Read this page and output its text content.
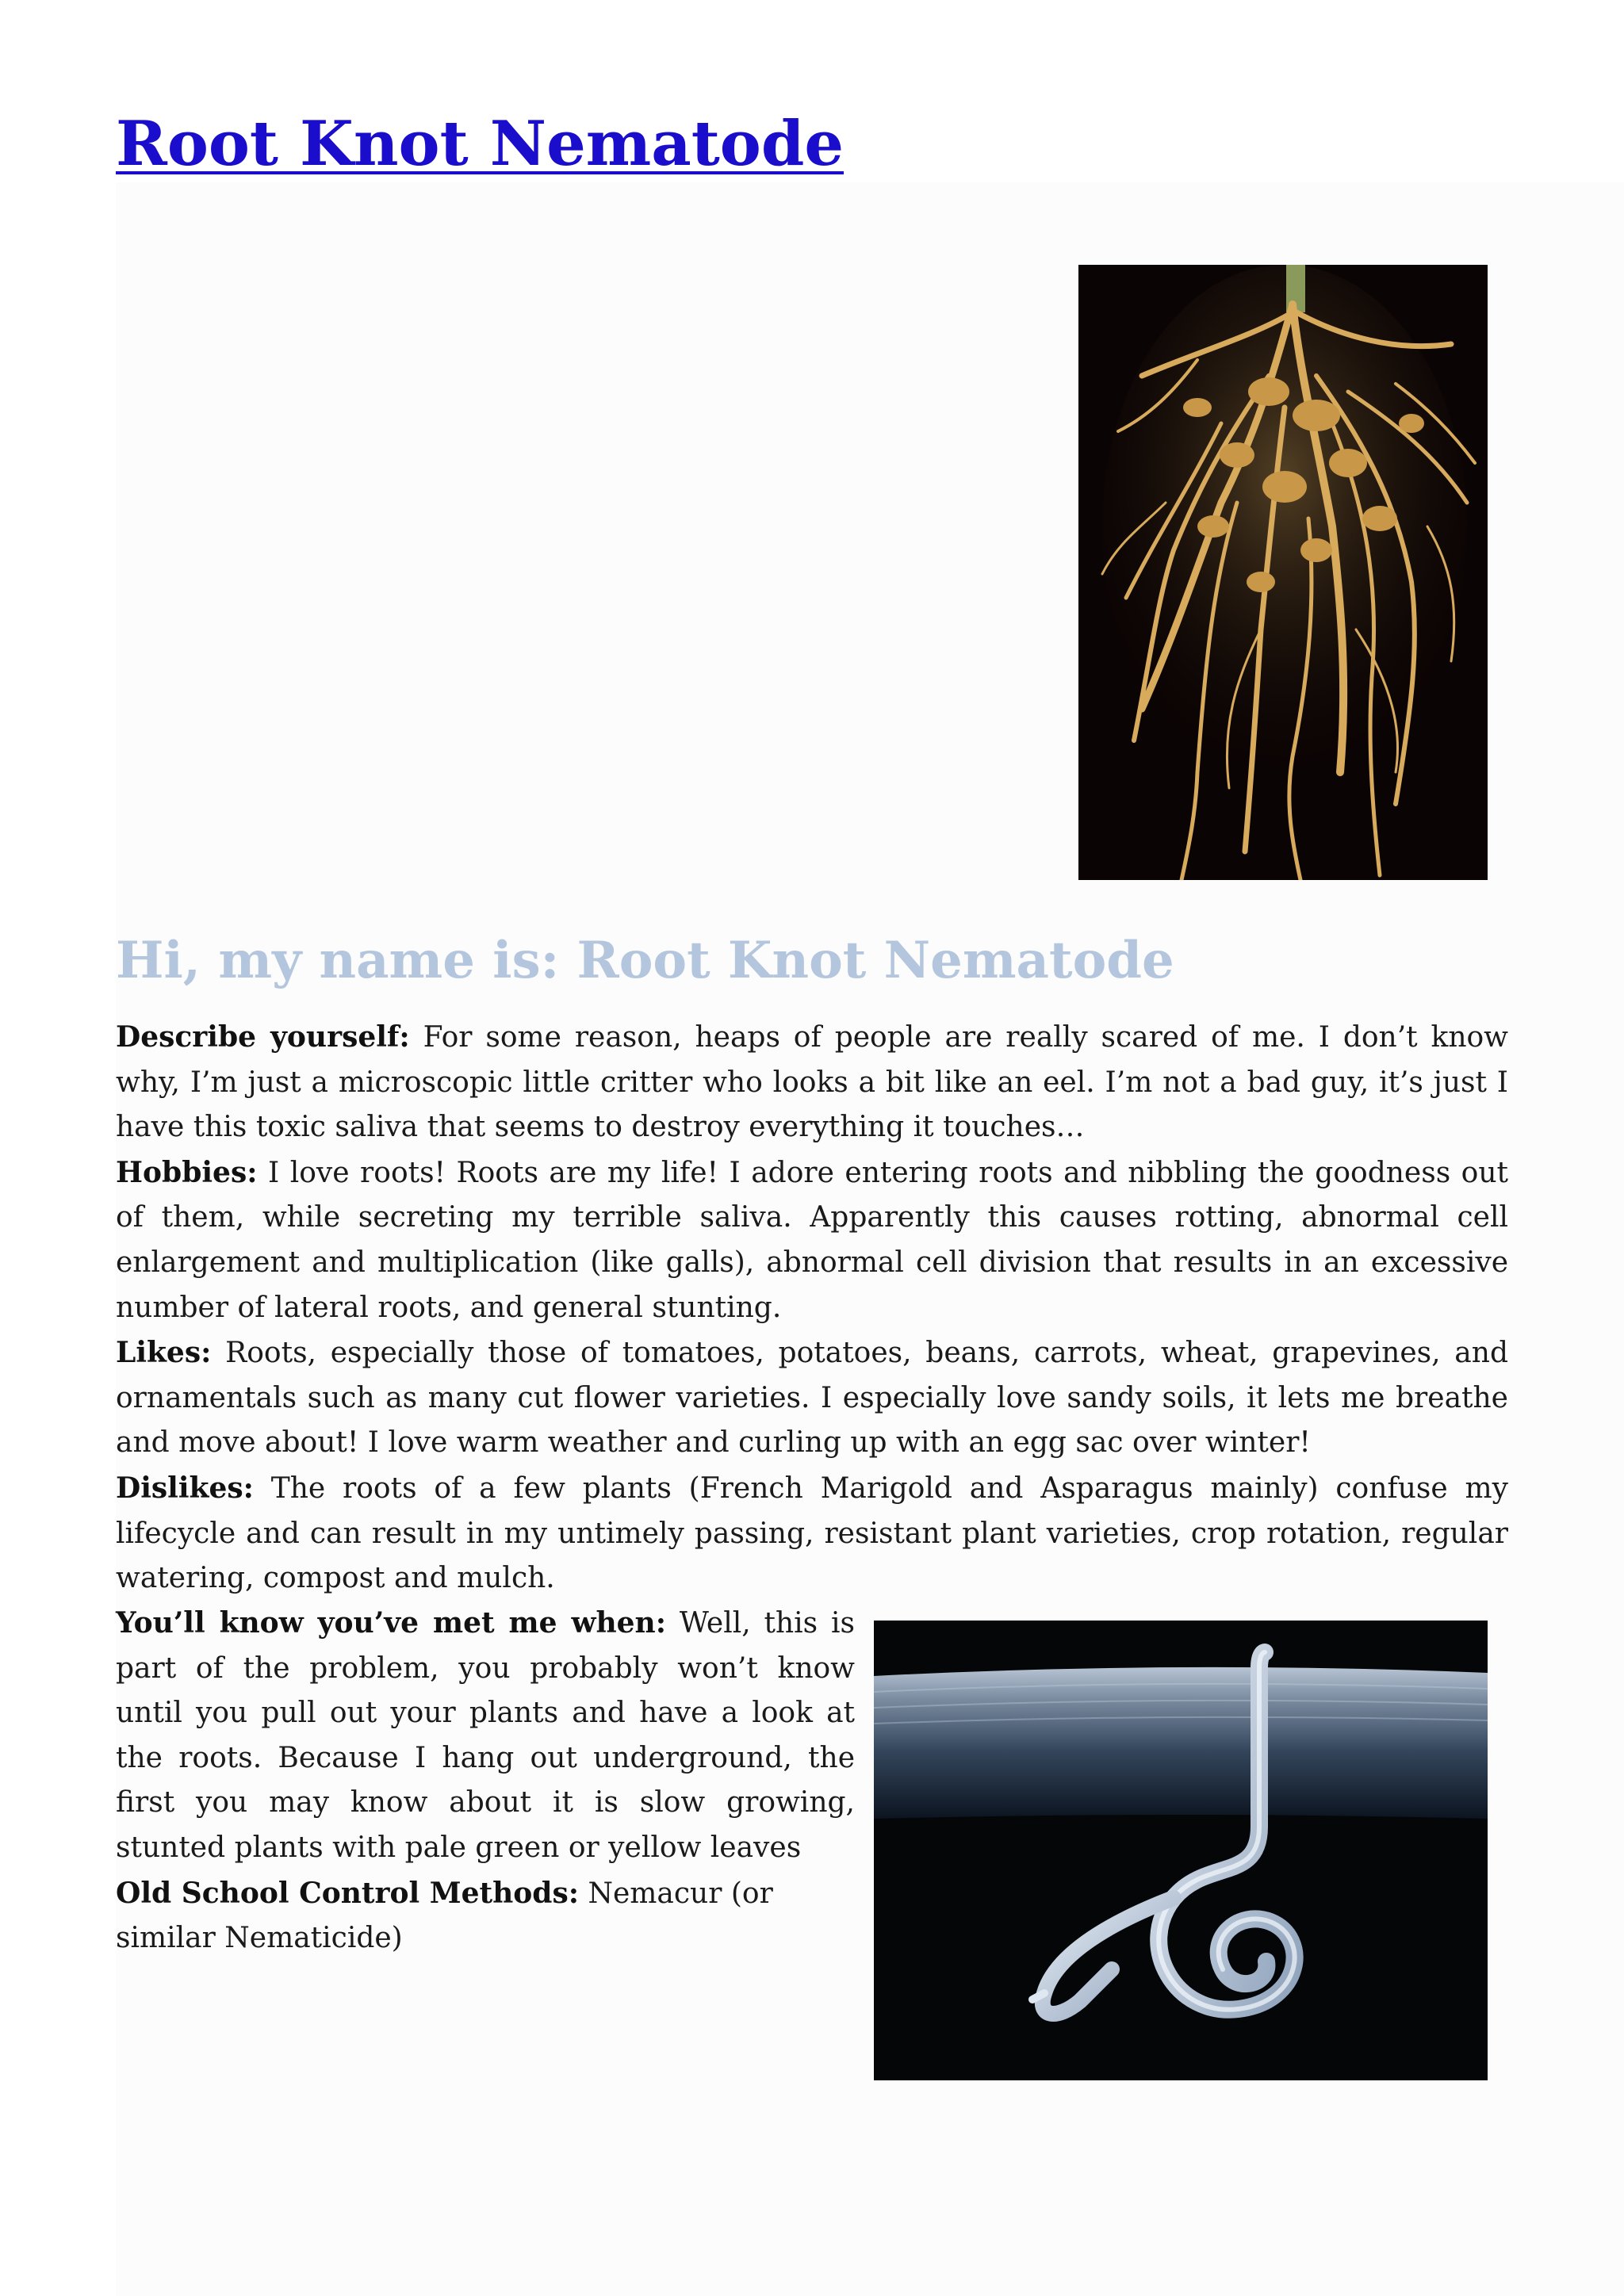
Root Knot Nematode
Hi, my name is: Root Knot Nematode

Describe yourself: For some reason, heaps of people are really scared of me. I don’t know why, I’m just a microscopic little critter who looks a bit like an eel. I’m not a bad guy, it’s just I have this toxic saliva that seems to destroy everything it touches…

Hobbies: I love roots! Roots are my life! I adore entering roots and nibbling the goodness out of them, while secreting my terrible saliva. Apparently this causes rotting, abnormal cell enlargement and multiplication (like galls), abnormal cell division that results in an excessive number of lateral roots, and general stunting.

Likes: Roots, especially those of tomatoes, potatoes, beans, carrots, wheat, grapevines, and ornamentals such as many cut flower varieties. I especially love sandy soils, it lets me breathe and move about! I love warm weather and curling up with an egg sac over winter!

Dislikes: The roots of a few plants (French Marigold and Asparagus mainly) confuse my lifecycle and can result in my untimely passing, resistant plant varieties, crop rotation, regular watering, compost and mulch.

You’ll know you’ve met me when: Well, this is part of the problem, you probably won’t know until you pull out your plants and have a look at the roots. Because I hang out underground, the first you may know about it is slow growing, stunted plants with pale green or yellow leaves

Old School Control Methods: Nemacur (or similar Nematicide)
